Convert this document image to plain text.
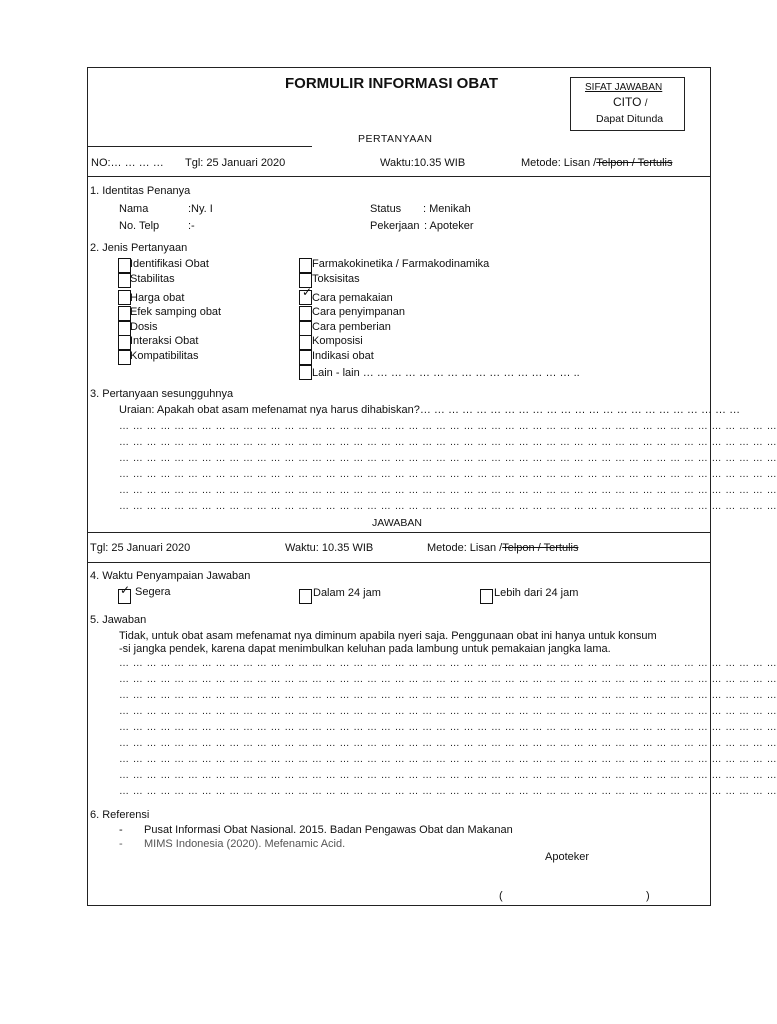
FORMULIR INFORMASI OBAT	SIFAT JAWABAN
CITO /
Dapat Ditunda
PERTANYAAN
NO:… … … … Tgl: 25 Januari 2020	Waktu:10.35 WIB	Metode: Lisan /Telpon / Tertulis
1. Identitas Penanya
Nama	:Ny. I
No. Telp	:-
Status : Menikah
Pekerjaan : Apoteker
2. Jenis Pertanyaan
Identifikasi Obat
Stabilitas
Harga obat
Efek samping obat
Dosis
Interaksi Obat
Kompatibilitas
Farmakokinetika / Farmakodinamika
Toksisitas
✓ Cara pemakaian
Cara penyimpanan
Cara pemberian
Komposisi
Indikasi obat
Lain - lain … … … … … … … … … … … … … … … ..
3. Pertanyaan sesungguhnya
Uraian: Apakah obat asam mefenamat nya harus dihabiskan?… … … … … … … … … … … … … … … … … … … … … … …
… … … … … … … … … … … … … … … … … … … … … … … … … … … … … … … … … … … … … … … … … … … … … … … …
… … … … … … … … … … … … … … … … … … … … … … … … … … … … … … … … … … … … … … … … … … … … … … … …
… … … … … … … … … … … … … … … … … … … … … … … … … … … … … … … … … … … … … … … … … … … … … … … …
… … … … … … … … … … … … … … … … … … … … … … … … … … … … … … … … … … … … … … … … … … … … … … … …
… … … … … … … … … … … … … … … … … … … … … … … … … … … … … … … … … … … … … … … … … … … … … … … …
… … … … … … … … … … … … … … … … … … … … … … … … … … … … … … … … … … … … … … … … … … … … … … … …
JAWABAN
Tgl: 25 Januari 2020	Waktu: 10.35 WIB	Metode: Lisan /Telpon / Tertulis
4. Waktu Penyampaian Jawaban
✓ Segera	Dalam 24 jam	Lebih dari 24 jam
5. Jawaban
Tidak, untuk obat asam mefenamat nya diminum apabila nyeri saja. Penggunaan obat ini hanya untuk konsum
-si jangka pendek, karena dapat menimbulkan keluhan pada lambung untuk pemakaian jangka lama.
… … … … … … … … … … … … … … … … … … … … … … … … … … … … … … … … … … … … … … … … … … … … … … … …
… … … … … … … … … … … … … … … … … … … … … … … … … … … … … … … … … … … … … … … … … … … … … … … …
… … … … … … … … … … … … … … … … … … … … … … … … … … … … … … … … … … … … … … … … … … … … … … … …
… … … … … … … … … … … … … … … … … … … … … … … … … … … … … … … … … … … … … … … … … … … … … … … …
… … … … … … … … … … … … … … … … … … … … … … … … … … … … … … … … … … … … … … … … … … … … … … … …
… … … … … … … … … … … … … … … … … … … … … … … … … … … … … … … … … … … … … … … … … … … … … … … …
… … … … … … … … … … … … … … … … … … … … … … … … … … … … … … … … … … … … … … … … … … … … … … … …
… … … … … … … … … … … … … … … … … … … … … … … … … … … … … … … … … … … … … … … … … … … … … … … …
… … … … … … … … … … … … … … … … … … … … … … … … … … … … … … … … … … … … … … … … … … … … … … … …
6. Referensi
- Pusat Informasi Obat Nasional. 2015. Badan Pengawas Obat dan Makanan
- MIMS Indonesia (2020). Mefenamic Acid.
Apoteker
(	)
